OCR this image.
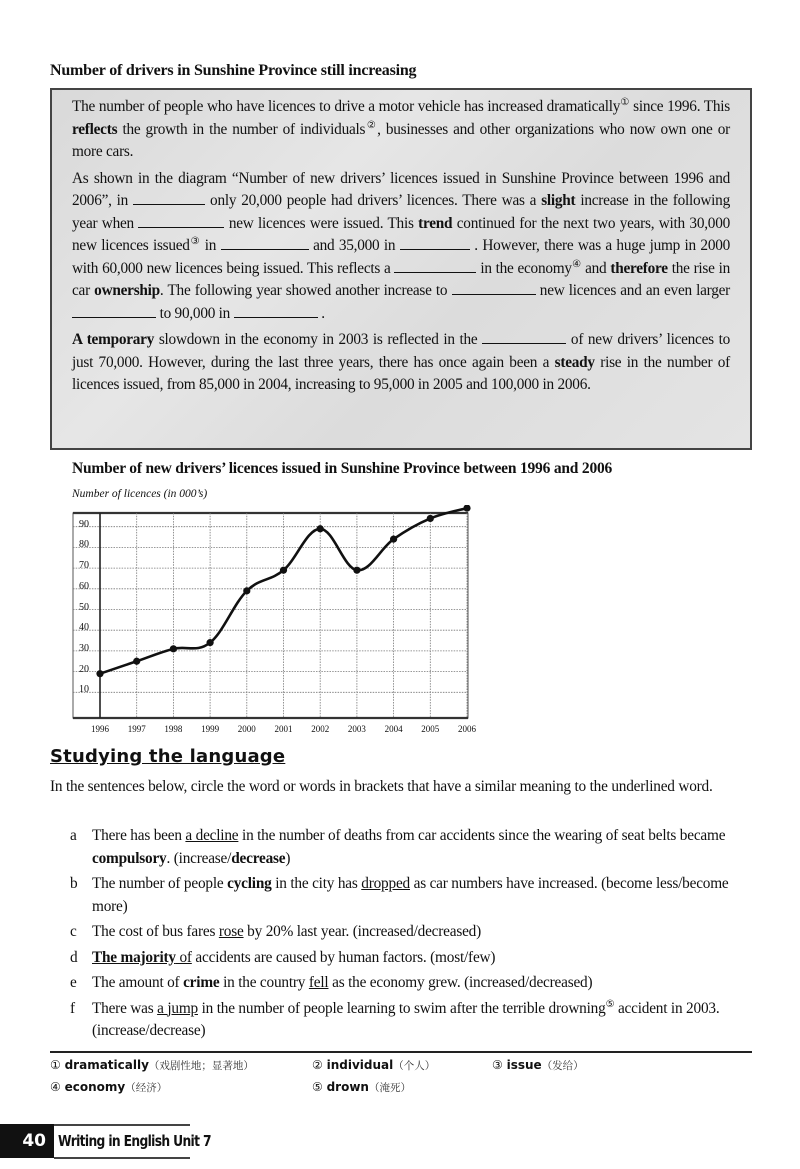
Number of drivers in Sunshine Province still increasing

The number of people who have licences to drive a motor vehicle has increased dramatically① since 1996. This reflects the growth in the number of individuals②, businesses and other organizations who now own one or more cars.

As shown in the diagram “Number of new drivers’ licences issued in Sunshine Province between 1996 and 2006”, in	only 20,000 people had drivers’ licences. There was a slight increase in the following year when	new licences were issued. This trend continued for the next two years, with 30,000 new licences issued③ in	and 35,000 in	. However, there was a huge jump in 2000 with 60,000 new licences being issued. This reflects a	in the economy④ and therefore the rise in car ownership. The following year showed another increase to	new licences and an even larger  to 90,000 in	.

A temporary slowdown in the economy in 2003 is reflected in the	of new drivers’ licences to just 70,000. However, during the last three years, there has once again been a steady rise in the number of licences issued, from 85,000 in 2004, increasing to 95,000 in 2005 and 100,000 in 2006.

Number of new drivers’ licences issued in Sunshine Province between 1996 and 2006
Number of licences (in 000’s)
90
80
70
60
50
40
30
20
10
1996	1997	1998	1999	2000	2001	2002	2003	2004	2005	2006
Studying the language
In the sentences below, circle the word or words in brackets that have a similar meaning to the underlined word.
a There has been a decline in the number of deaths from car accidents since the wearing of seat belts became compulsory. (increase/decrease)
b The number of people cycling in the city has dropped as car numbers have increased. (become less/become more)
c The cost of bus fares rose by 20% last year. (increased/decreased)
d The majority of accidents are caused by human factors. (most/few)
e The amount of crime in the country fell as the economy grew. (increased/decreased)
f There was a jump in the number of people learning to swim after the terrible drowning⑤ accident in 2003. (increase/decrease)
① dramatically（戏剧性地；显著地）	② individual（个人）	③ issue（发给）
④ economy（经济）	⑤ drown（淹死）
40 Writing in English Unit 7
